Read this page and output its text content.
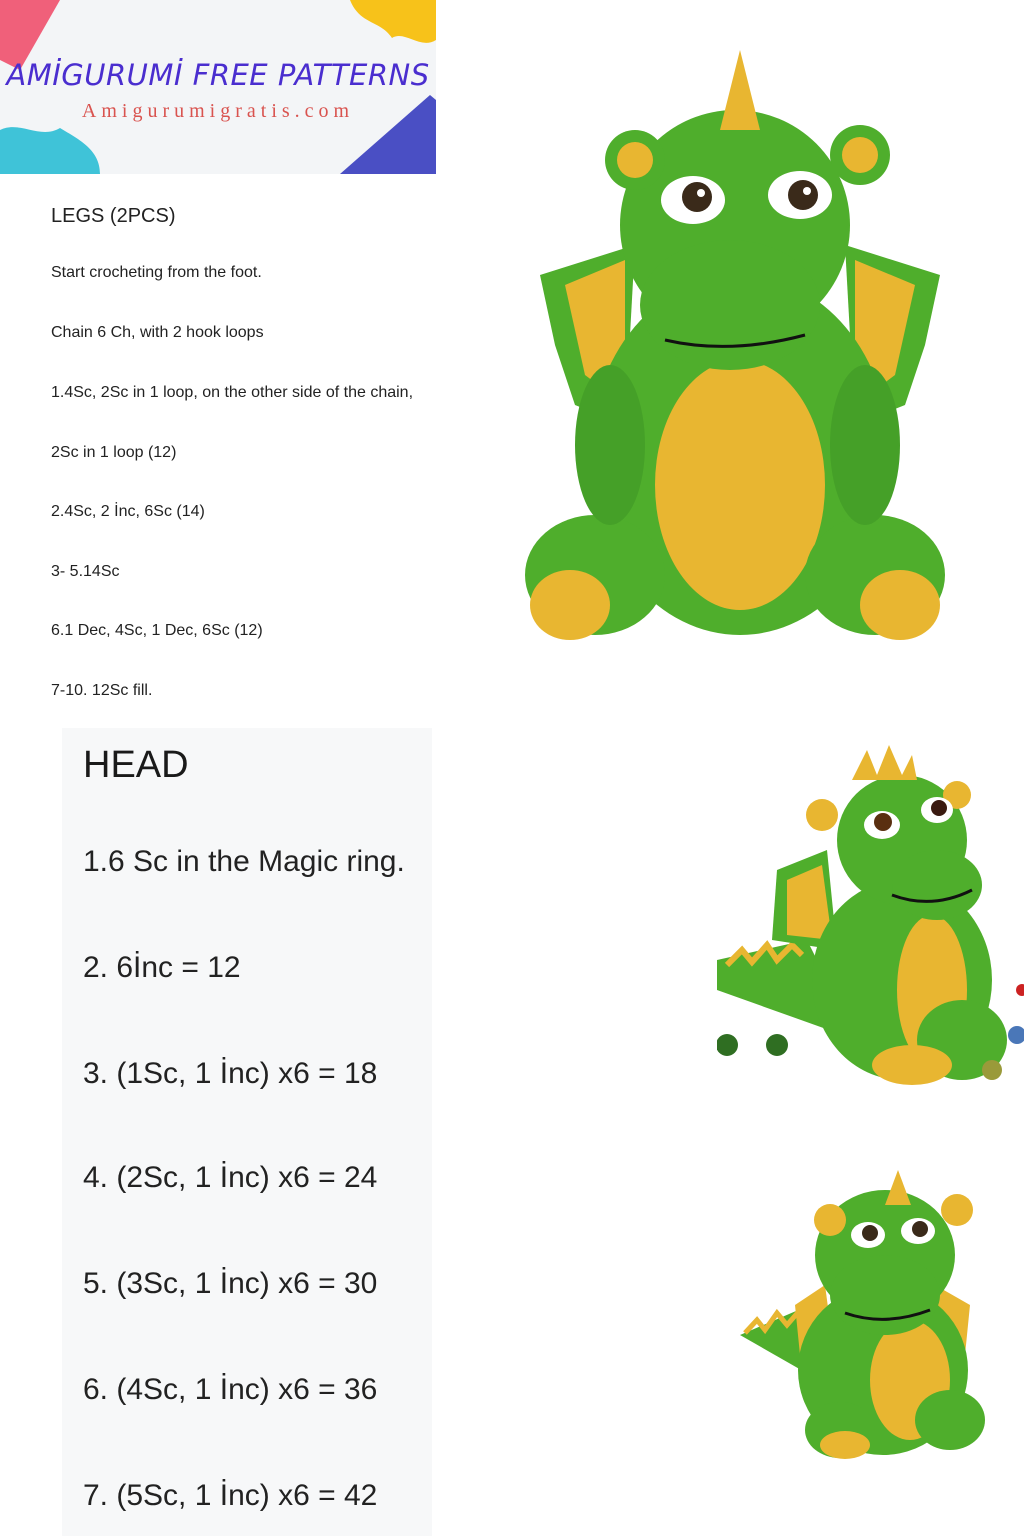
AMİGURUMİ FREE PATTERNS
Amigurumigratis.com
LEGS (2PCS)
Start crocheting from the foot.
Chain 6 Ch, with 2 hook loops
1.4Sc, 2Sc in 1 loop, on the other side of the chain,
2Sc in 1 loop (12)
2.4Sc, 2 İnc, 6Sc (14)
3- 5.14Sc
6.1 Dec, 4Sc, 1 Dec, 6Sc (12)
7-10. 12Sc fill.
HEAD
1.6 Sc in the Magic ring.
2. 6İnc = 12
3. (1Sc, 1 İnc) x6 = 18
4. (2Sc, 1 İnc) x6 = 24
5. (3Sc, 1 İnc) x6 = 30
6. (4Sc, 1 İnc) x6 = 36
7. (5Sc, 1 İnc) x6 = 42
